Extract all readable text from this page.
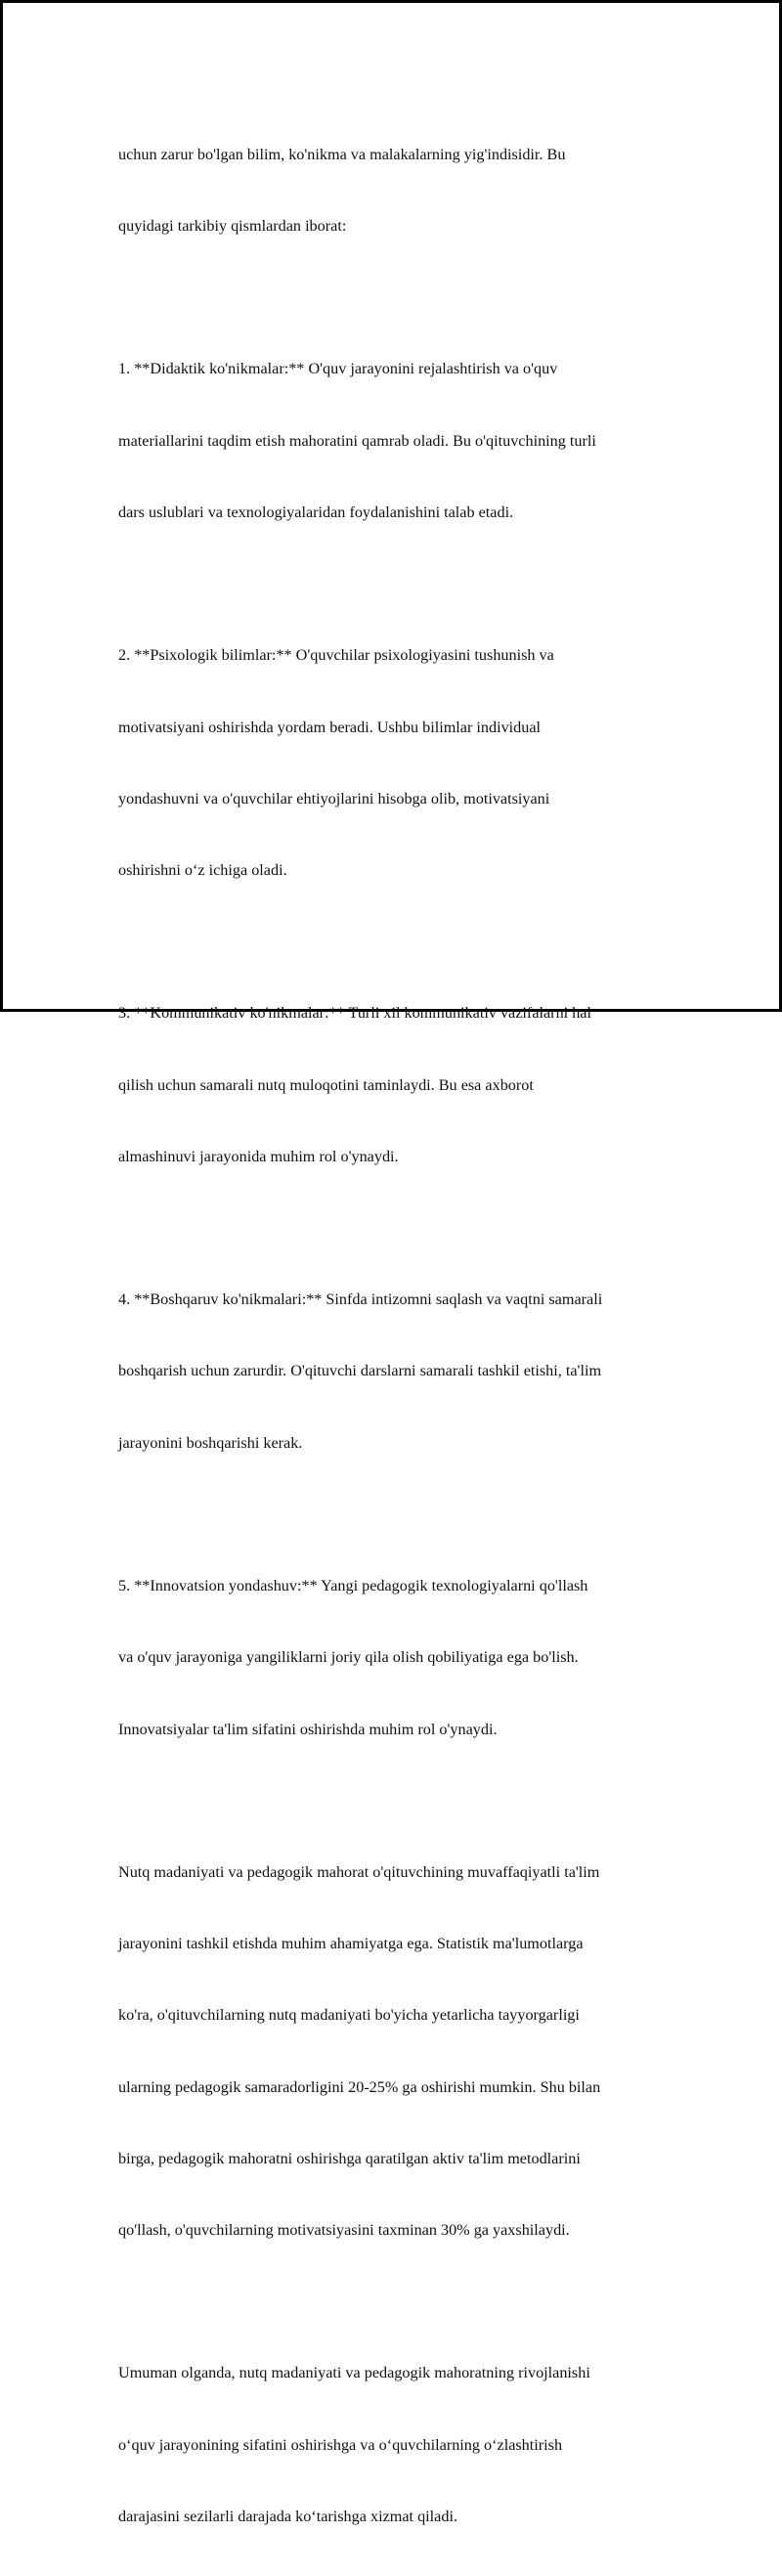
uchun zarur bo'lgan bilim, ko'nikma va malakalarning yig'indisidir. Bu

quyidagi tarkibiy qismlardan iborat:

1. **Didaktik ko'nikmalar:** O'quv jarayonini rejalashtirish va o'quv

materiallarini taqdim etish mahoratini qamrab oladi. Bu o'qituvchining turli

dars uslublari va texnologiyalaridan foydalanishini talab etadi.

2. **Psixologik bilimlar:** O'quvchilar psixologiyasini tushunish va

motivatsiyani oshirishda yordam beradi. Ushbu bilimlar individual

yondashuvni va o'quvchilar ehtiyojlarini hisobga olib, motivatsiyani

oshirishni o‘z ichiga oladi.

3. **Kommunikativ ko'nikmalar:** Turli xil kommunikativ vazifalarni hal

qilish uchun samarali nutq muloqotini taminlaydi. Bu esa axborot

almashinuvi jarayonida muhim rol o'ynaydi.

4. **Boshqaruv ko'nikmalari:** Sinfda intizomni saqlash va vaqtni samarali

boshqarish uchun zarurdir. O'qituvchi darslarni samarali tashkil etishi, ta'lim

jarayonini boshqarishi kerak.

5. **Innovatsion yondashuv:** Yangi pedagogik texnologiyalarni qo'llash

va o'quv jarayoniga yangiliklarni joriy qila olish qobiliyatiga ega bo'lish.

Innovatsiyalar ta'lim sifatini oshirishda muhim rol o'ynaydi.

Nutq madaniyati va pedagogik mahorat o'qituvchining muvaffaqiyatli ta'lim

jarayonini tashkil etishda muhim ahamiyatga ega. Statistik ma'lumotlarga

ko'ra, o'qituvchilarning nutq madaniyati bo'yicha yetarlicha tayyorgarligi

ularning pedagogik samaradorligini 20-25% ga oshirishi mumkin. Shu bilan

birga, pedagogik mahoratni oshirishga qaratilgan aktiv ta'lim metodlarini

qo'llash, o'quvchilarning motivatsiyasini taxminan 30% ga yaxshilaydi.

Umuman olganda, nutq madaniyati va pedagogik mahoratning rivojlanishi

o‘quv jarayonining sifatini oshirishga va o‘quvchilarning o‘zlashtirish

darajasini sezilarli darajada ko‘tarishga xizmat qiladi.
